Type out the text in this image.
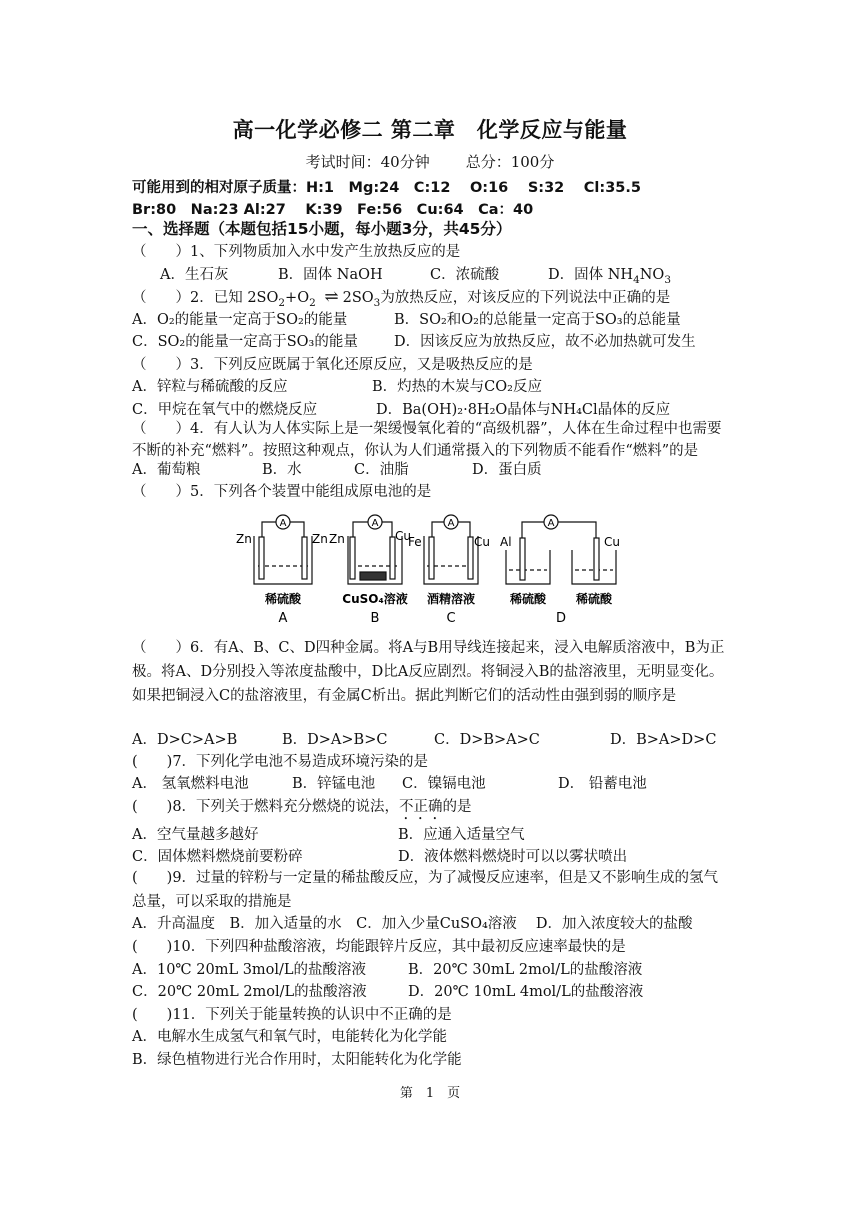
高一化学必修二 第二章　化学反应与能量
考试时间：40分钟 总分：100分
可能用到的相对原子质量：H:1　Mg:24　C:12　 O:16　 S:32　 Cl:35.5
Br:80　Na:23 Al:27　 K:39　Fe:56　Cu:64　Ca：40
一、选择题（本题包括15小题，每小题3分，共45分）
（　　）1、下列物质加入水中发产生放热反应的是
A．生石灰	B．固体 NaOH	C．浓硫酸	D．固体 $NH_4NO_3$
（　　）2．已知 $2SO_2+O_2$ ⇌ $2SO_3$为放热反应，对该反应的下列说法中正确的是
A．O₂的能量一定高于SO₂的能量	B．SO₂和O₂的总能量一定高于SO₃的总能量
C．SO₂的能量一定高于SO₃的能量 D．因该反应为放热反应，故不必加热就可发生
（　　）3．下列反应既属于氧化还原反应，又是吸热反应的是
A．锌粒与稀硫酸的反应	B．灼热的木炭与CO₂反应
C．甲烷在氧气中的燃烧反应	D．Ba(OH)₂·8H₂O晶体与NH₄Cl晶体的反应
（　　）4．有人认为人体实际上是一架缓慢氧化着的“高级机器”，人体在生命过程中也需要不断的补充“燃料”。按照这种观点，你认为人们通常摄入的下列物质不能看作“燃料”的是
A．葡萄粮	B．水	C．油脂	D．蛋白质
（　　）5．下列各个装置中能组成原电池的是
A
Zn	Zn
稀硫酸
A
A
Zn	Cu
CuSO₄溶液
B
A
Fe	Cu
酒精溶液
C
A
Al	Cu
稀硫酸 稀硫酸
D
（　　）6．有A、B、C、D四种金属。将A与B用导线连接起来，浸入电解质溶液中，B为正极。将A、D分别投入等浓度盐酸中，D比A反应剧烈。将铜浸入B的盐溶液里，无明显变化。如果把铜浸入C的盐溶液里，有金属C析出。据此判断它们的活动性由强到弱的顺序是
A．D>C>A>B	B．D>A>B>C	C．D>B>A>C	D．B>A>D>C
(　　)7．下列化学电池不易造成环境污染的是
A． 氢氧燃料电池	B．锌锰电池 C．镍镉电池	D． 铅蓄电池
(　　)8．下列关于燃料充分燃烧的说法，不正确的是
A．空气量越多越好	B．应通入适量空气
C．固体燃料燃烧前要粉碎	D．液体燃料燃烧时可以以雾状喷出
(　　)9．过量的锌粉与一定量的稀盐酸反应，为了减慢反应速率，但是又不影响生成的氢气总量，可以采取的措施是
A．升高温度　B．加入适量的水　C．加入少量CuSO₄溶液　 D．加入浓度较大的盐酸
(　　)10．下列四种盐酸溶液，均能跟锌片反应，其中最初反应速率最快的是
A．10℃ 20mL 3mol/L的盐酸溶液	B．20℃ 30mL 2mol/L的盐酸溶液
C．20℃ 20mL 2mol/L的盐酸溶液	D．20℃ 10mL 4mol/L的盐酸溶液
(　　)11．下列关于能量转换的认识中不正确的是
A．电解水生成氢气和氧气时，电能转化为化学能
B．绿色植物进行光合作用时，太阳能转化为化学能
第　1　页
